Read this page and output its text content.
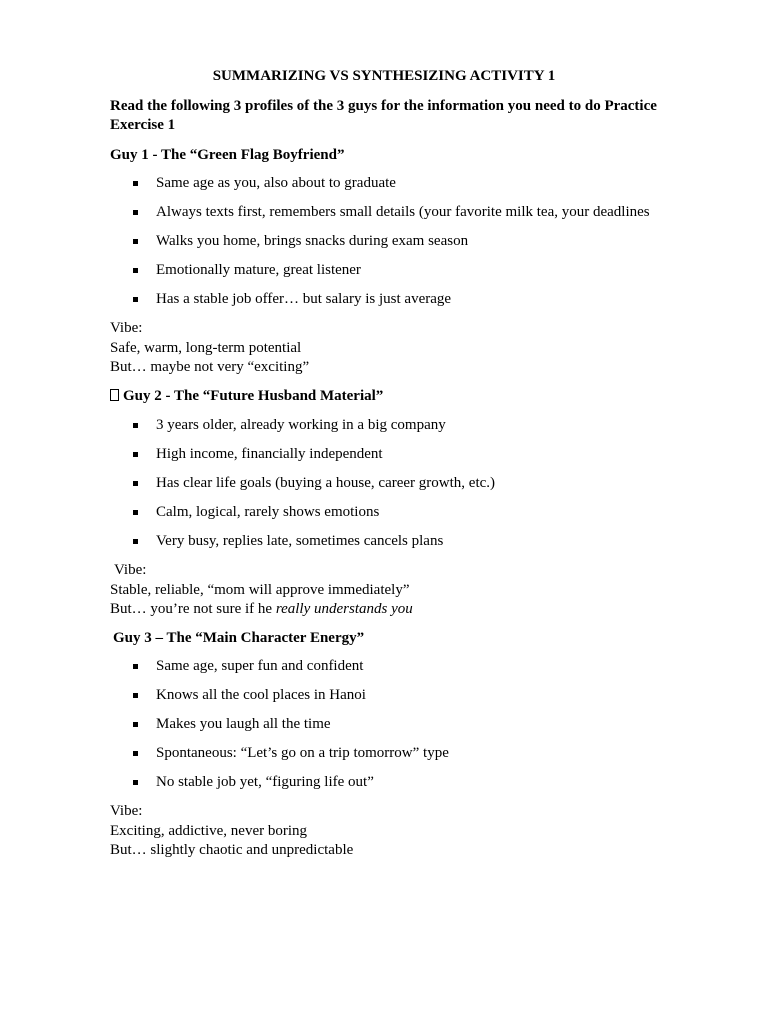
SUMMARIZING VS SYNTHESIZING ACTIVITY 1
Read the following 3 profiles of the 3 guys for the information you need to do Practice Exercise 1
Guy 1 - The “Green Flag Boyfriend”
Same age as you, also about to graduate
Always texts first, remembers small details (your favorite milk tea, your deadlines
Walks you home, brings snacks during exam season
Emotionally mature, great listener
Has a stable job offer… but salary is just average
Vibe:
Safe, warm, long-term potential
But… maybe not very “exciting”
Guy 2 - The “Future Husband Material”
3 years older, already working in a big company
High income, financially independent
Has clear life goals (buying a house, career growth, etc.)
Calm, logical, rarely shows emotions
Very busy, replies late, sometimes cancels plans
Vibe:
Stable, reliable, “mom will approve immediately”
But… you’re not sure if he really understands you
Guy 3 – The “Main Character Energy”
Same age, super fun and confident
Knows all the cool places in Hanoi
Makes you laugh all the time
Spontaneous: “Let’s go on a trip tomorrow” type
No stable job yet, “figuring life out”
Vibe:
Exciting, addictive, never boring
But… slightly chaotic and unpredictable
